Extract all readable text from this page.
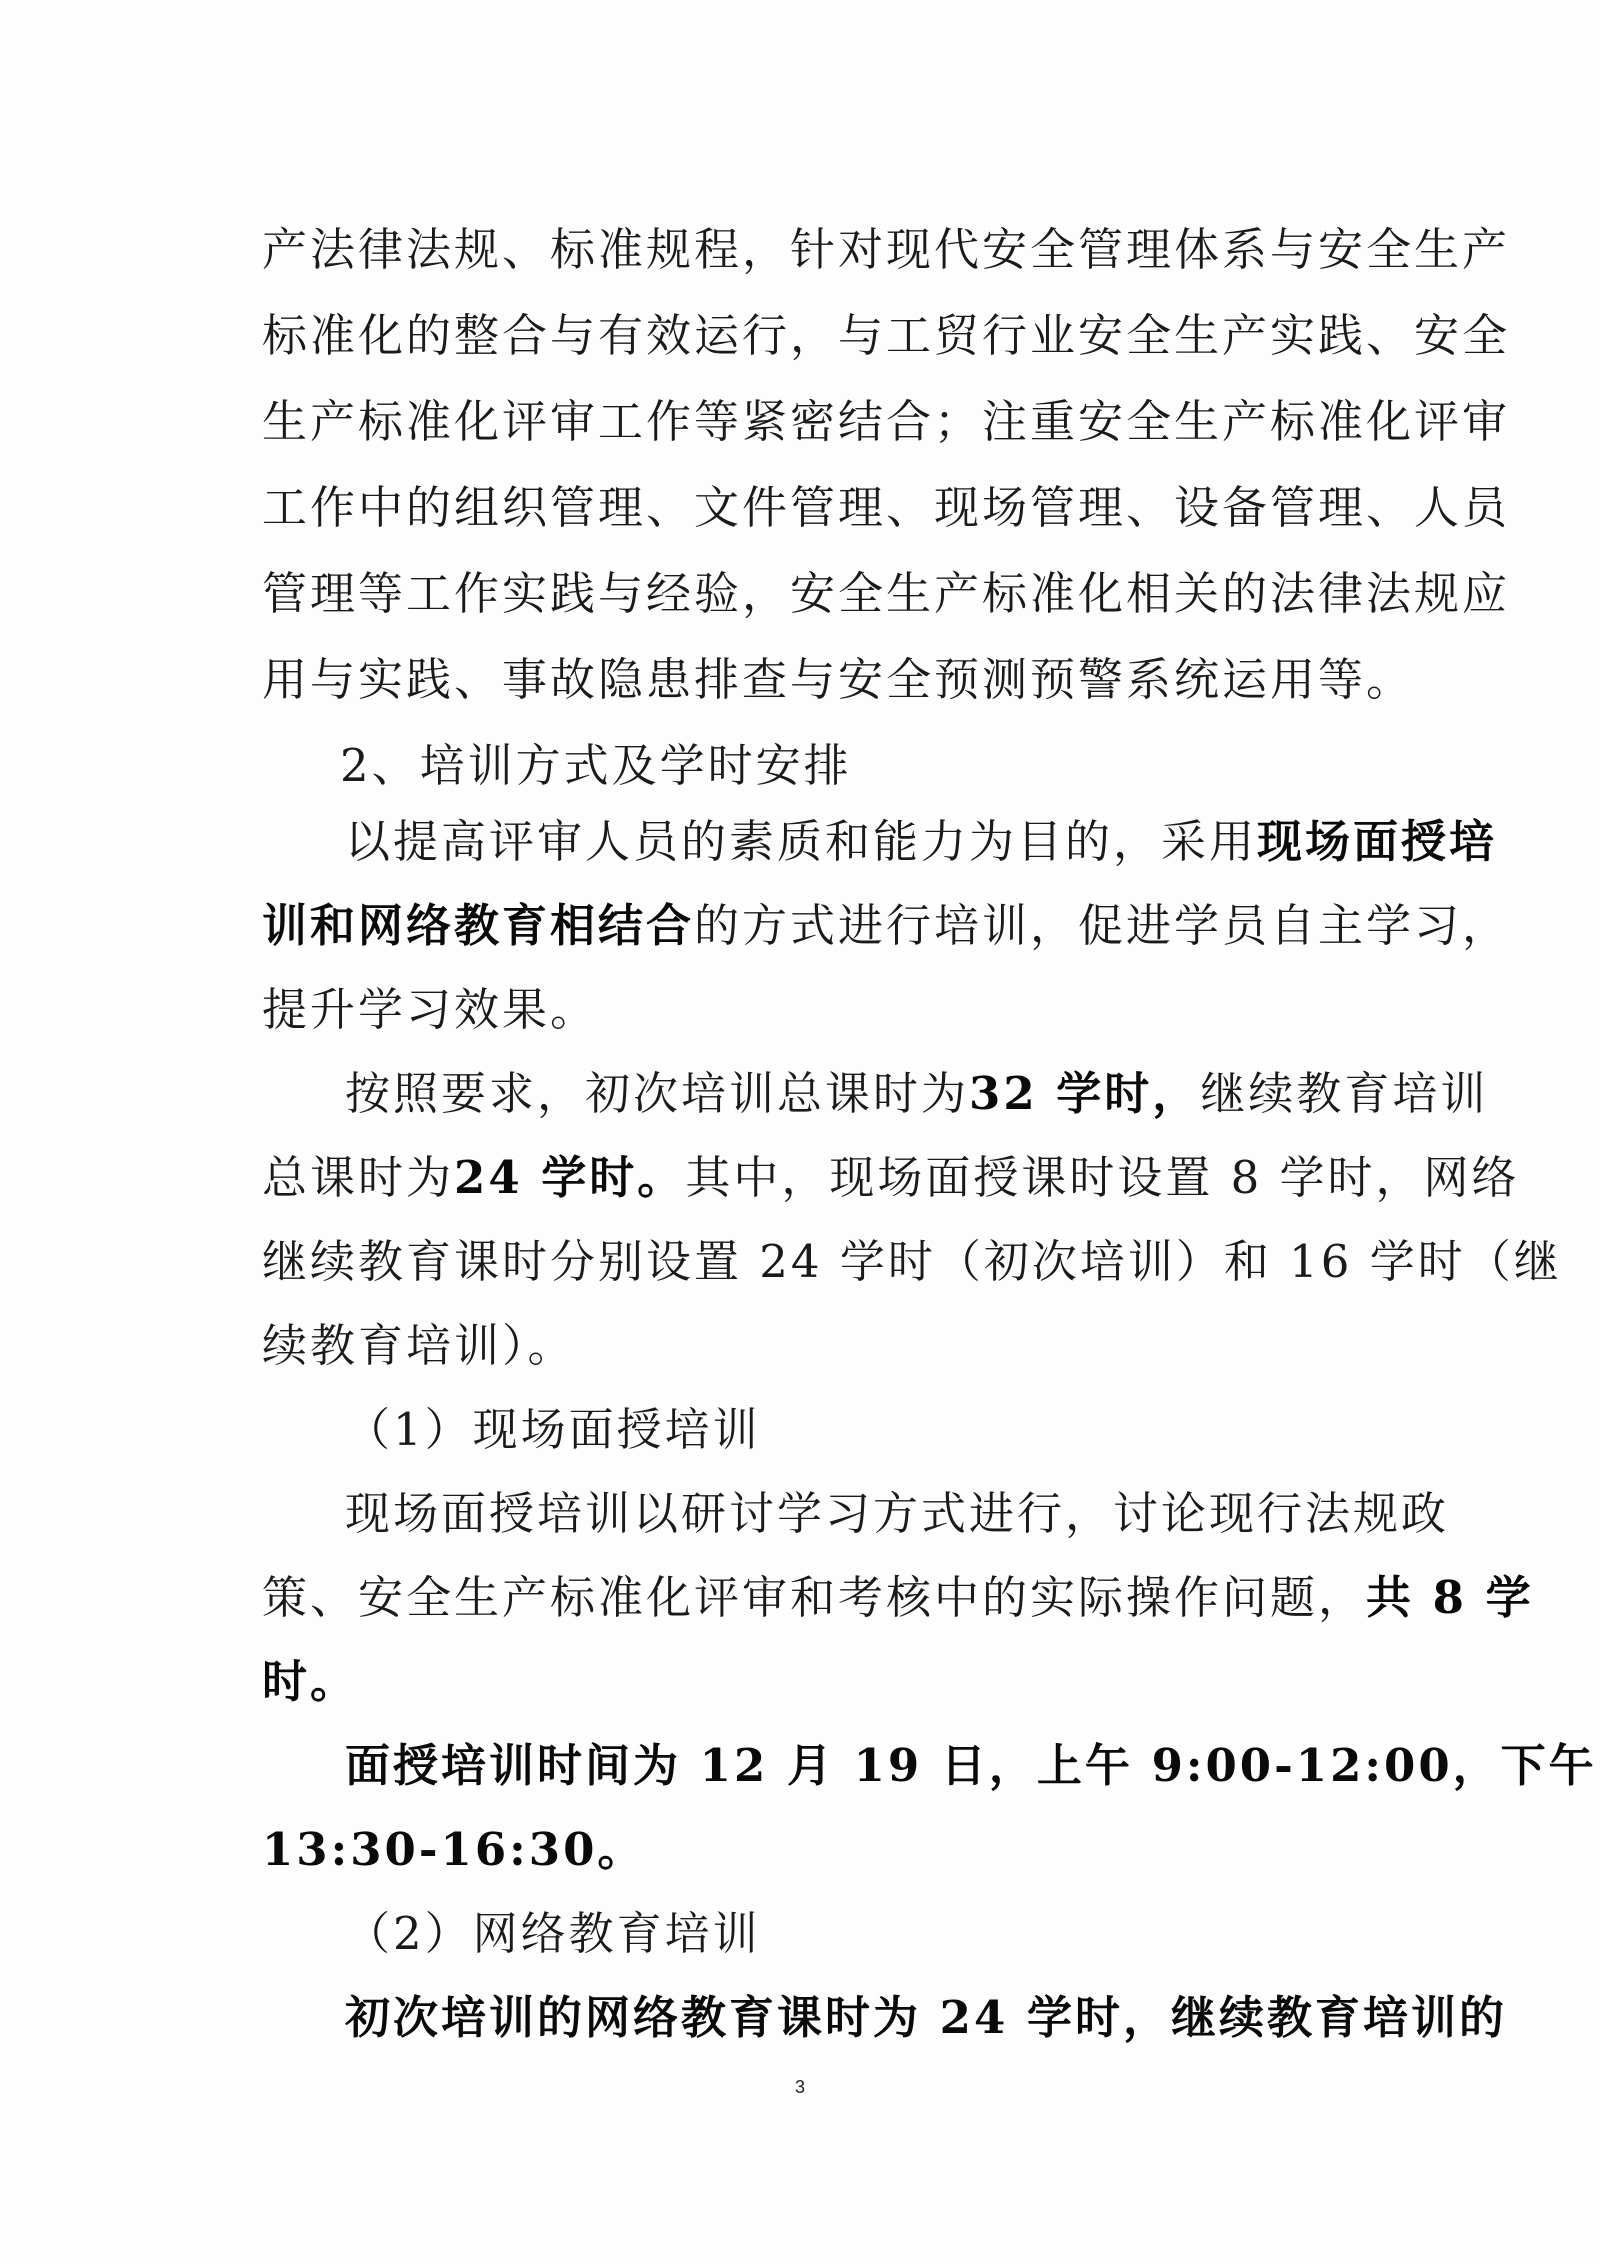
产法律法规、标准规程，针对现代安全管理体系与安全生产
标准化的整合与有效运行，与工贸行业安全生产实践、安全
生产标准化评审工作等紧密结合；注重安全生产标准化评审
工作中的组织管理、文件管理、现场管理、设备管理、人员
管理等工作实践与经验，安全生产标准化相关的法律法规应
用与实践、事故隐患排查与安全预测预警系统运用等。
2、培训方式及学时安排
以提高评审人员的素质和能力为目的，采用现场面授培
训和网络教育相结合的方式进行培训，促进学员自主学习，
提升学习效果。
按照要求，初次培训总课时为32 学时，继续教育培训
总课时为24 学时。其中，现场面授课时设置 8 学时，网络
继续教育课时分别设置 24 学时（初次培训）和 16 学时（继
续教育培训）。
（1）现场面授培训
现场面授培训以研讨学习方式进行，讨论现行法规政
策、安全生产标准化评审和考核中的实际操作问题，共 8 学
时。
面授培训时间为 12 月 19 日，上午 9:00-12:00，下午
13:30-16:30。
（2）网络教育培训
初次培训的网络教育课时为 24 学时，继续教育培训的
3
